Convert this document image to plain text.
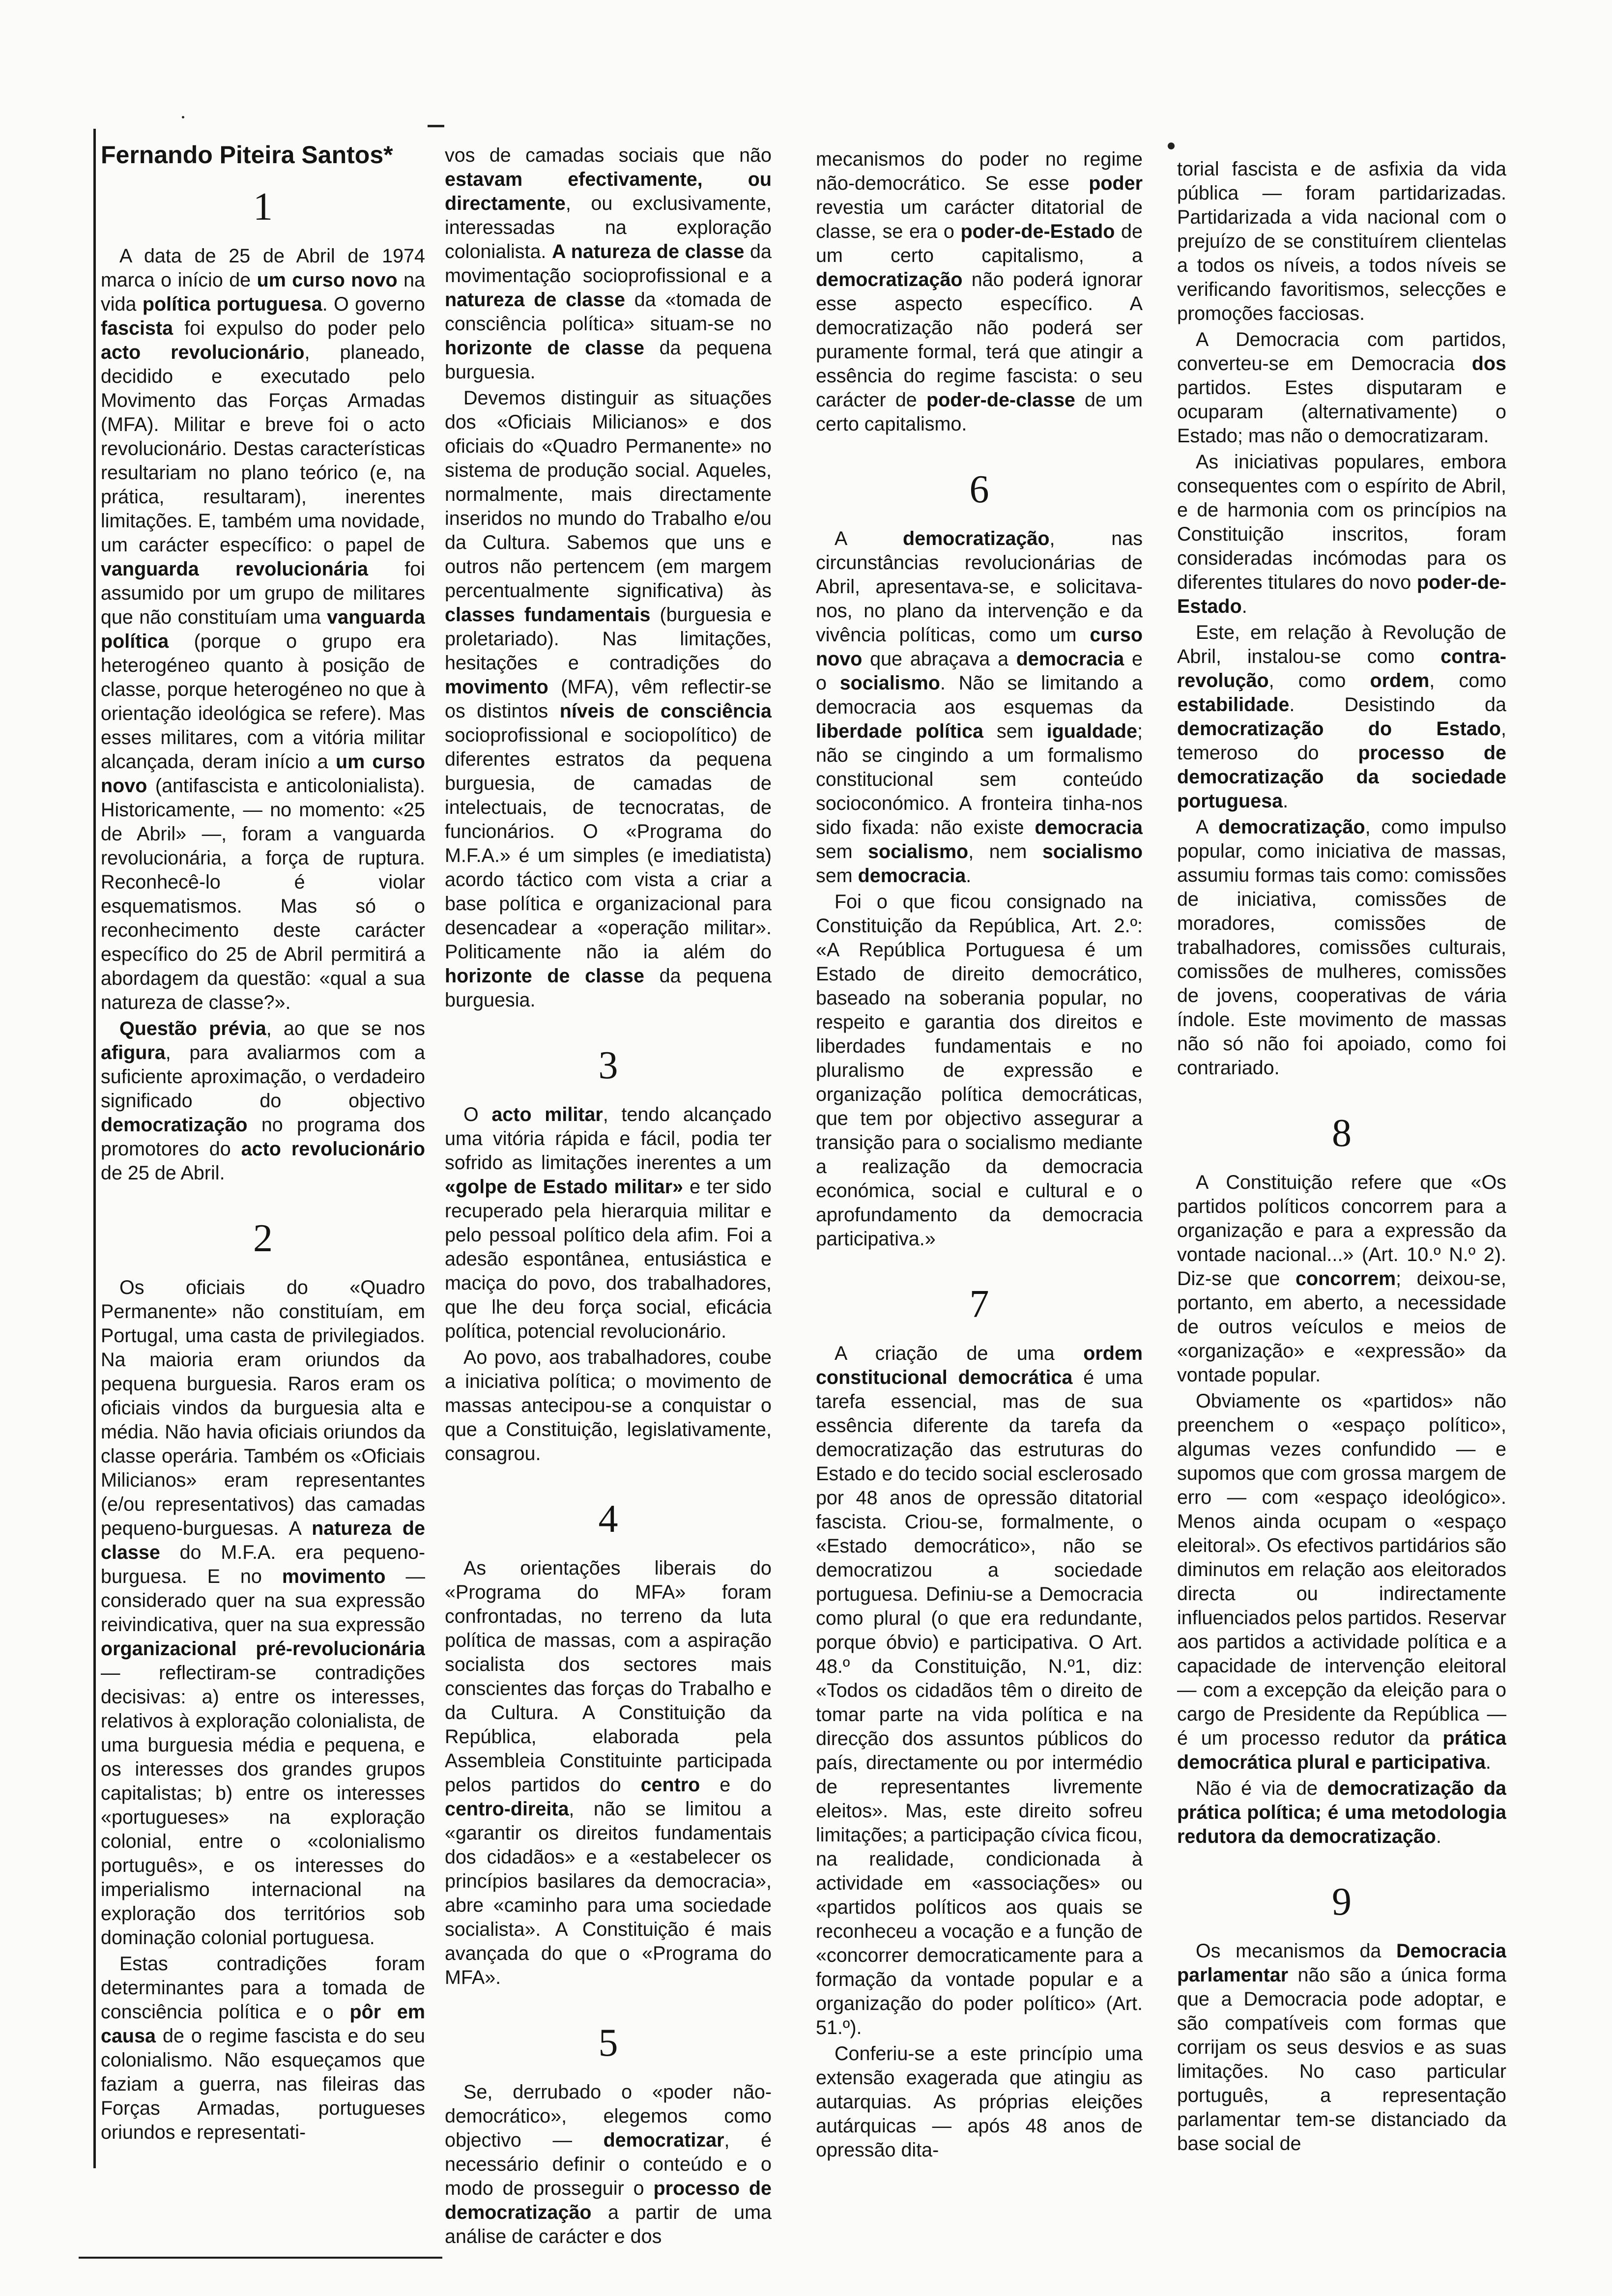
Fernando Piteira Santos*
1

A data de 25 de Abril de 1974 marca o início de um curso novo na vida política portuguesa. O governo fascista foi expulso do poder pelo acto revolucionário, planeado, decidido e executado pelo Movimento das Forças Armadas (MFA). Militar e breve foi o acto revolucionário. Destas características resultariam no plano teórico (e, na prática, resultaram), inerentes limitações. E, também uma novidade, um carácter específico: o papel de vanguarda revolucionária foi assumido por um grupo de militares que não constituíam uma vanguarda política (porque o grupo era heterogéneo quanto à posição de classe, porque heterogéneo no que à orientação ideológica se refere). Mas esses militares, com a vitória militar alcançada, deram início a um curso novo (antifascista e anticolonialista). Historicamente, — no momento: «25 de Abril» —, foram a vanguarda revolucionária, a força de ruptura. Reconhecê-lo é violar esquematismos. Mas só o reconhecimento deste carácter específico do 25 de Abril permitirá a abordagem da questão: «qual a sua natureza de classe?».

Questão prévia, ao que se nos afigura, para avaliarmos com a suficiente aproximação, o verdadeiro significado do objectivo democratização no programa dos promotores do acto revolucionário de 25 de Abril.

2

Os oficiais do «Quadro Permanente» não constituíam, em Portugal, uma casta de privilegiados. Na maioria eram oriundos da pequena burguesia. Raros eram os oficiais vindos da burguesia alta e média. Não havia oficiais oriundos da classe operária. Também os «Oficiais Milicianos» eram representantes (e/ou representativos) das camadas pequeno-burguesas. A natureza de classe do M.F.A. era pequeno-burguesa. E no movimento — considerado quer na sua expressão reivindicativa, quer na sua expressão organizacional pré-revolucionária — reflectiram-se contradições decisivas: a) entre os interesses, relativos à exploração colonialista, de uma burguesia média e pequena, e os interesses dos grandes grupos capitalistas; b) entre os interesses «portugueses» na exploração colonial, entre o «colonialismo português», e os interesses do imperialismo internacional na exploração dos territórios sob dominação colonial portuguesa.

Estas contradições foram determinantes para a tomada de consciência política e o pôr em causa de o regime fascista e do seu colonialismo. Não esqueçamos que faziam a guerra, nas fileiras das Forças Armadas, portugueses oriundos e representati-

vos de camadas sociais que não estavam efectivamente, ou directamente, ou exclusivamente, interessadas na exploração colonialista. A natureza de classe da movimentação socioprofissional e a natureza de classe da «tomada de consciência política» situam-se no horizonte de classe da pequena burguesia.

Devemos distinguir as situações dos «Oficiais Milicianos» e dos oficiais do «Quadro Permanente» no sistema de produção social. Aqueles, normalmente, mais directamente inseridos no mundo do Trabalho e/ou da Cultura. Sabemos que uns e outros não pertencem (em margem percentualmente significativa) às classes fundamentais (burguesia e proletariado). Nas limitações, hesitações e contradições do movimento (MFA), vêm reflectir-se os distintos níveis de consciência socioprofissional e sociopolítico) de diferentes estratos da pequena burguesia, de camadas de intelectuais, de tecnocratas, de funcionários. O «Programa do M.F.A.» é um simples (e imediatista) acordo táctico com vista a criar a base política e organizacional para desencadear a «operação militar». Politicamente não ia além do horizonte de classe da pequena burguesia.

3

O acto militar, tendo alcançado uma vitória rápida e fácil, podia ter sofrido as limitações inerentes a um «golpe de Estado militar» e ter sido recuperado pela hierarquia militar e pelo pessoal político dela afim. Foi a adesão espontânea, entusiástica e maciça do povo, dos trabalhadores, que lhe deu força social, eficácia política, potencial revolucionário.

Ao povo, aos trabalhadores, coube a iniciativa política; o movimento de massas antecipou-se a conquistar o que a Constituição, legislativamente, consagrou.

4

As orientações liberais do «Programa do MFA» foram confrontadas, no terreno da luta política de massas, com a aspiração socialista dos sectores mais conscientes das forças do Trabalho e da Cultura. A Constituição da República, elaborada pela Assembleia Constituinte participada pelos partidos do centro e do centro-direita, não se limitou a «garantir os direitos fundamentais dos cidadãos» e a «estabelecer os princípios basilares da democracia», abre «caminho para uma sociedade socialista». A Constituição é mais avançada do que o «Programa do MFA».

5

Se, derrubado o «poder não-democrático», elegemos como objectivo — democratizar, é necessário definir o conteúdo e o modo de prosseguir o processo de democratização a partir de uma análise de carácter e dos

mecanismos do poder no regime não-democrático. Se esse poder revestia um carácter ditatorial de classe, se era o poder-de-Estado de um certo capitalismo, a democratização não poderá ignorar esse aspecto específico. A democratização não poderá ser puramente formal, terá que atingir a essência do regime fascista: o seu carácter de poder-de-classe de um certo capitalismo.

6

A democratização, nas circunstâncias revolucionárias de Abril, apresentava-se, e solicitava-nos, no plano da intervenção e da vivência políticas, como um curso novo que abraçava a democracia e o socialismo. Não se limitando a democracia aos esquemas da liberdade política sem igualdade; não se cingindo a um formalismo constitucional sem conteúdo socioconómico. A fronteira tinha-nos sido fixada: não existe democracia sem socialismo, nem socialismo sem democracia.

Foi o que ficou consignado na Constituição da República, Art. 2.º: «A República Portuguesa é um Estado de direito democrático, baseado na soberania popular, no respeito e garantia dos direitos e liberdades fundamentais e no pluralismo de expressão e organização política democráticas, que tem por objectivo assegurar a transição para o socialismo mediante a realização da democracia económica, social e cultural e o aprofundamento da democracia participativa.»

7

A criação de uma ordem constitucional democrática é uma tarefa essencial, mas de sua essência diferente da tarefa da democratização das estruturas do Estado e do tecido social esclerosado por 48 anos de opressão ditatorial fascista. Criou-se, formalmente, o «Estado democrático», não se democratizou a sociedade portuguesa. Definiu-se a Democracia como plural (o que era redundante, porque óbvio) e participativa. O Art. 48.º da Constituição, N.º1, diz: «Todos os cidadãos têm o direito de tomar parte na vida política e na direcção dos assuntos públicos do país, directamente ou por intermédio de representantes livremente eleitos». Mas, este direito sofreu limitações; a participação cívica ficou, na realidade, condicionada à actividade em «associações» ou «partidos políticos aos quais se reconheceu a vocação e a função de «concorrer democraticamente para a formação da vontade popular e a organização do poder político» (Art. 51.º).

Conferiu-se a este princípio uma extensão exagerada que atingiu as autarquias. As próprias eleições autárquicas — após 48 anos de opressão dita-

torial fascista e de asfixia da vida pública — foram partidarizadas. Partidarizada a vida nacional com o prejuízo de se constituírem clientelas a todos os níveis, a todos níveis se verificando favoritismos, selecções e promoções facciosas.

A Democracia com partidos, converteu-se em Democracia dos partidos. Estes disputaram e ocuparam (alternativamente) o Estado; mas não o democratizaram.

As iniciativas populares, embora consequentes com o espírito de Abril, e de harmonia com os princípios na Constituição inscritos, foram consideradas incómodas para os diferentes titulares do novo poder-de-Estado.

Este, em relação à Revolução de Abril, instalou-se como contra-revolução, como ordem, como estabilidade. Desistindo da democratização do Estado, temeroso do processo de democratização da sociedade portuguesa.

A democratização, como impulso popular, como iniciativa de massas, assumiu formas tais como: comissões de iniciativa, comissões de moradores, comissões de trabalhadores, comissões culturais, comissões de mulheres, comissões de jovens, cooperativas de vária índole. Este movimento de massas não só não foi apoiado, como foi contrariado.

8

A Constituição refere que «Os partidos políticos concorrem para a organização e para a expressão da vontade nacional...» (Art. 10.º N.º 2). Diz-se que concorrem; deixou-se, portanto, em aberto, a necessidade de outros veículos e meios de «organização» e «expressão» da vontade popular.

Obviamente os «partidos» não preenchem o «espaço político», algumas vezes confundido — e supomos que com grossa margem de erro — com «espaço ideológico». Menos ainda ocupam o «espaço eleitoral». Os efectivos partidários são diminutos em relação aos eleitorados directa ou indirectamente influenciados pelos partidos. Reservar aos partidos a actividade política e a capacidade de intervenção eleitoral — com a excepção da eleição para o cargo de Presidente da República — é um processo redutor da prática democrática plural e participativa.

Não é via de democratização da prática política; é uma metodologia redutora da democratização.

9

Os mecanismos da Democracia parlamentar não são a única forma que a Democracia pode adoptar, e são compatíveis com formas que corrijam os seus desvios e as suas limitações. No caso particular português, a representação parlamentar tem-se distanciado da base social de
